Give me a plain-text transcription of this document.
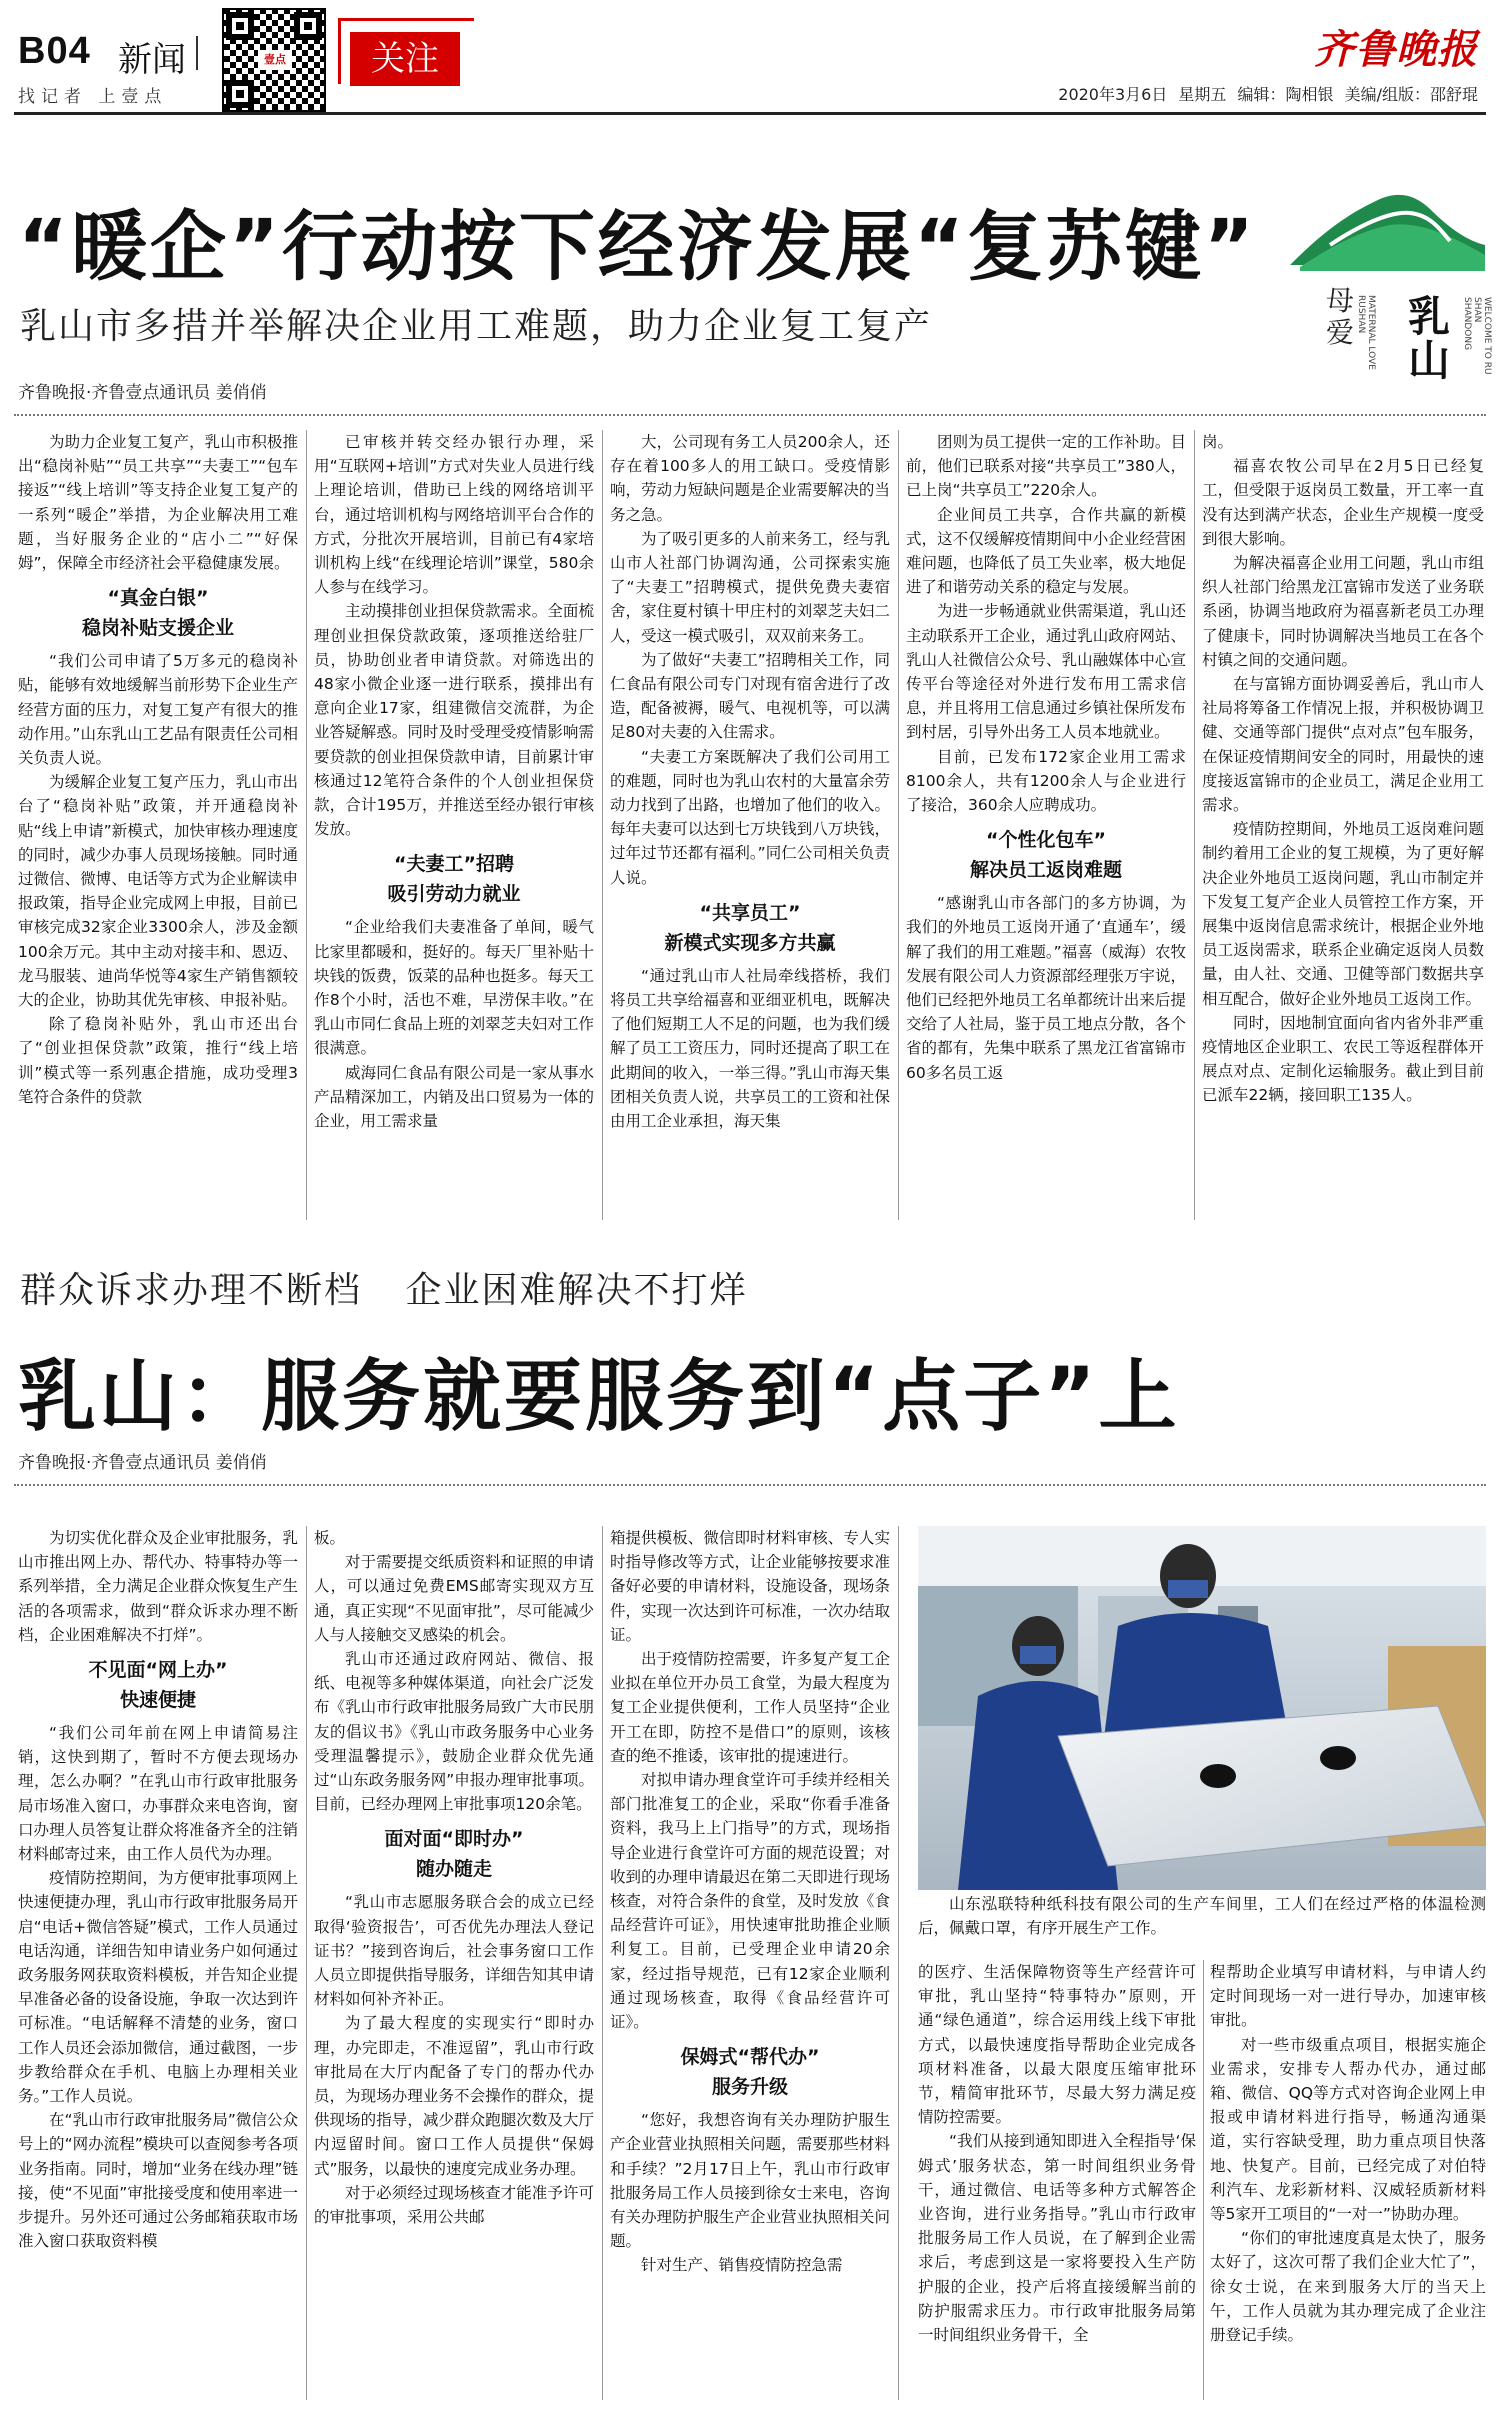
B04 新闻
找记者 上壹点
壹点	关注	齐鲁晚报
2020年3月6日 星期五 编辑：陶相银 美编/组版：邵舒琨
“暖企”行动按下经济发展“复苏键”
乳山市多措并举解决企业用工难题，助力企业复工复产
母爱	MATERNAL LOVE RUSHAN 乳山	WELCOME TO RU SHAN SHANDONG
齐鲁晚报·齐鲁壹点通讯员 姜俏俏

为助力企业复工复产，乳山市积极推出“稳岗补贴”“员工共享”“夫妻工”“包车接返”“线上培训”等支持企业复工复产的一系列“暖企”举措，为企业解决用工难题，当好服务企业的“店小二”“好保姆”，保障全市经济社会平稳健康发展。

“真金白银”
稳岗补贴支援企业

“我们公司申请了5万多元的稳岗补贴，能够有效地缓解当前形势下企业生产经营方面的压力，对复工复产有很大的推动作用。”山东乳山工艺品有限责任公司相关负责人说。

为缓解企业复工复产压力，乳山市出台了“稳岗补贴”政策，并开通稳岗补贴“线上申请”新模式，加快审核办理速度的同时，减少办事人员现场接触。同时通过微信、微博、电话等方式为企业解读申报政策，指导企业完成网上申报，目前已审核完成32家企业3300余人，涉及金额100余万元。其中主动对接丰和、恩迈、龙马服装、迪尚华悦等4家生产销售额较大的企业，协助其优先审核、申报补贴。

除了稳岗补贴外，乳山市还出台了“创业担保贷款”政策，推行“线上培训”模式等一系列惠企措施，成功受理3笔符合条件的贷款

已审核并转交经办银行办理，采用“互联网+培训”方式对失业人员进行线上理论培训，借助已上线的网络培训平台，通过培训机构与网络培训平台合作的方式，分批次开展培训，目前已有4家培训机构上线“在线理论培训”课堂，580余人参与在线学习。

主动摸排创业担保贷款需求。全面梳理创业担保贷款政策，逐项推送给驻厂员，协助创业者申请贷款。对筛选出的48家小微企业逐一进行联系，摸排出有意向企业17家，组建微信交流群，为企业答疑解惑。同时及时受理受疫情影响需要贷款的创业担保贷款申请，目前累计审核通过12笔符合条件的个人创业担保贷款，合计195万，并推送至经办银行审核发放。

“夫妻工”招聘
吸引劳动力就业

“企业给我们夫妻准备了单间，暖气比家里都暖和，挺好的。每天厂里补贴十块钱的饭费，饭菜的品种也挺多。每天工作8个小时，活也不难，早涝保丰收。”在乳山市同仁食品上班的刘翠芝夫妇对工作很满意。

威海同仁食品有限公司是一家从事水产品精深加工，内销及出口贸易为一体的企业，用工需求量

大，公司现有务工人员200余人，还存在着100多人的用工缺口。受疫情影响，劳动力短缺问题是企业需要解决的当务之急。

为了吸引更多的人前来务工，经与乳山市人社部门协调沟通，公司探索实施了“夫妻工”招聘模式，提供免费夫妻宿舍，家住夏村镇十甲庄村的刘翠芝夫妇二人，受这一模式吸引，双双前来务工。

为了做好“夫妻工”招聘相关工作，同仁食品有限公司专门对现有宿舍进行了改造，配备被褥，暖气、电视机等，可以满足80对夫妻的入住需求。

“夫妻工方案既解决了我们公司用工的难题，同时也为乳山农村的大量富余劳动力找到了出路，也增加了他们的收入。每年夫妻可以达到七万块钱到八万块钱，过年过节还都有福利。”同仁公司相关负责人说。

“共享员工”
新模式实现多方共赢

“通过乳山市人社局牵线搭桥，我们将员工共享给福喜和亚细亚机电，既解决了他们短期工人不足的问题，也为我们缓解了员工工资压力，同时还提高了职工在此期间的收入，一举三得。”乳山市海天集团相关负责人说，共享员工的工资和社保由用工企业承担，海天集

团则为员工提供一定的工作补助。目前，他们已联系对接“共享员工”380人，已上岗“共享员工”220余人。

企业间员工共享，合作共赢的新模式，这不仅缓解疫情期间中小企业经营困难问题，也降低了员工失业率，极大地促进了和谐劳动关系的稳定与发展。

为进一步畅通就业供需渠道，乳山还主动联系开工企业，通过乳山政府网站、乳山人社微信公众号、乳山融媒体中心宣传平台等途径对外进行发布用工需求信息，并且将用工信息通过乡镇社保所发布到村居，引导外出务工人员本地就业。

目前，已发布172家企业用工需求8100余人，共有1200余人与企业进行了接洽，360余人应聘成功。

“个性化包车”
解决员工返岗难题

“感谢乳山市各部门的多方协调，为我们的外地员工返岗开通了‘直通车’，缓解了我们的用工难题。”福喜（威海）农牧发展有限公司人力资源部经理张万宇说，他们已经把外地员工名单都统计出来后提交给了人社局，鉴于员工地点分散，各个省的都有，先集中联系了黑龙江省富锦市60多名员工返

岗。

福喜农牧公司早在2月5日已经复工，但受限于返岗员工数量，开工率一直没有达到满产状态，企业生产规模一度受到很大影响。

为解决福喜企业用工问题，乳山市组织人社部门给黑龙江富锦市发送了业务联系函，协调当地政府为福喜新老员工办理了健康卡，同时协调解决当地员工在各个村镇之间的交通问题。

在与富锦方面协调妥善后，乳山市人社局将筹备工作情况上报，并积极协调卫健、交通等部门提供“点对点”包车服务，在保证疫情期间安全的同时，用最快的速度接返富锦市的企业员工，满足企业用工需求。

疫情防控期间，外地员工返岗难问题制约着用工企业的复工规模，为了更好解决企业外地员工返岗问题，乳山市制定并下发复工复产企业人员管控工作方案，开展集中返岗信息需求统计，根据企业外地员工返岗需求，联系企业确定返岗人员数量，由人社、交通、卫健等部门数据共享相互配合，做好企业外地员工返岗工作。

同时，因地制宜面向省内省外非严重疫情地区企业职工、农民工等返程群体开展点对点、定制化运输服务。截止到目前已派车22辆，接回职工135人。

群众诉求办理不断档 企业困难解决不打烊
乳山：服务就要服务到“点子”上
齐鲁晚报·齐鲁壹点通讯员 姜俏俏

为切实优化群众及企业审批服务，乳山市推出网上办、帮代办、特事特办等一系列举措，全力满足企业群众恢复生产生活的各项需求，做到“群众诉求办理不断档，企业困难解决不打烊”。

不见面“网上办”
快速便捷

“我们公司年前在网上申请简易注销，这快到期了，暂时不方便去现场办理，怎么办啊？”在乳山市行政审批服务局市场准入窗口，办事群众来电咨询，窗口办理人员答复让群众将准备齐全的注销材料邮寄过来，由工作人员代为办理。

疫情防控期间，为方便审批事项网上快速便捷办理，乳山市行政审批服务局开启“电话+微信答疑”模式，工作人员通过电话沟通，详细告知申请业务户如何通过政务服务网获取资料模板，并告知企业提早准备必备的设备设施，争取一次达到许可标准。“电话解释不清楚的业务，窗口工作人员还会添加微信，通过截图，一步步教给群众在手机、电脑上办理相关业务。”工作人员说。

在“乳山市行政审批服务局”微信公众号上的“网办流程”模块可以查阅参考各项业务指南。同时，增加“业务在线办理”链接，使“不见面”审批接受度和使用率进一步提升。另外还可通过公务邮箱获取市场准入窗口获取资料模

板。

对于需要提交纸质资料和证照的申请人，可以通过免费EMS邮寄实现双方互通，真正实现“不见面审批”，尽可能减少人与人接触交叉感染的机会。

乳山市还通过政府网站、微信、报纸、电视等多种媒体渠道，向社会广泛发布《乳山市行政审批服务局致广大市民朋友的倡议书》《乳山市政务服务中心业务受理温馨提示》，鼓励企业群众优先通过“山东政务服务网”申报办理审批事项。目前，已经办理网上审批事项120余笔。

面对面“即时办”
随办随走

“乳山市志愿服务联合会的成立已经取得‘验资报告’，可否优先办理法人登记证书？”接到咨询后，社会事务窗口工作人员立即提供指导服务，详细告知其申请材料如何补齐补正。

为了最大程度的实现实行“即时办理，办完即走，不准逗留”，乳山市行政审批局在大厅内配备了专门的帮办代办员，为现场办理业务不会操作的群众，提供现场的指导，减少群众跑腿次数及大厅内逗留时间。窗口工作人员提供“保姆式”服务，以最快的速度完成业务办理。

对于必须经过现场核查才能准予许可的审批事项，采用公共邮

箱提供模板、微信即时材料审核、专人实时指导修改等方式，让企业能够按要求准备好必要的申请材料，设施设备，现场条件，实现一次达到许可标准，一次办结取证。

出于疫情防控需要，许多复产复工企业拟在单位开办员工食堂，为最大程度为复工企业提供便利，工作人员坚持“企业开工在即，防控不是借口”的原则，该核查的绝不推诿，该审批的提速进行。

对拟申请办理食堂许可手续并经相关部门批准复工的企业，采取“你看手准备资料，我马上上门指导”的方式，现场指导企业进行食堂许可方面的规范设置；对收到的办理申请最迟在第二天即进行现场核查，对符合条件的食堂，及时发放《食品经营许可证》，用快速审批助推企业顺利复工。目前，已受理企业申请20余家，经过指导规范，已有12家企业顺利通过现场核查，取得《食品经营许可证》。

保姆式“帮代办”
服务升级

“您好，我想咨询有关办理防护服生产企业营业执照相关问题，需要那些材料和手续？”2月17日上午，乳山市行政审批服务局工作人员接到徐女士来电，咨询有关办理防护服生产企业营业执照相关问题。

针对生产、销售疫情防控急需

山东泓联特种纸科技有限公司的生产车间里，工人们在经过严格的体温检测后，佩戴口罩，有序开展生产工作。

的医疗、生活保障物资等生产经营许可审批，乳山坚持“特事特办”原则，开通“绿色通道”，综合运用线上线下审批方式，以最快速度指导帮助企业完成各项材料准备，以最大限度压缩审批环节，精简审批环节，尽最大努力满足疫情防控需要。

“我们从接到通知即进入全程指导‘保姆式’服务状态，第一时间组织业务骨干，通过微信、电话等多种方式解答企业咨询，进行业务指导。”乳山市行政审批服务局工作人员说，在了解到企业需求后，考虑到这是一家将要投入生产防护服的企业，投产后将直接缓解当前的防护服需求压力。市行政审批服务局第一时间组织业务骨干，全

程帮助企业填写申请材料，与申请人约定时间现场一对一进行导办，加速审核审批。

对一些市级重点项目，根据实施企业需求，安排专人帮办代办，通过邮箱、微信、QQ等方式对咨询企业网上申报或申请材料进行指导，畅通沟通渠道，实行容缺受理，助力重点项目快落地、快复产。目前，已经完成了对伯特利汽车、龙彩新材料、汉威轻质新材料等5家开工项目的“一对一”协助办理。

“你们的审批速度真是太快了，服务太好了，这次可帮了我们企业大忙了”，徐女士说，在来到服务大厅的当天上午，工作人员就为其办理完成了企业注册登记手续。
